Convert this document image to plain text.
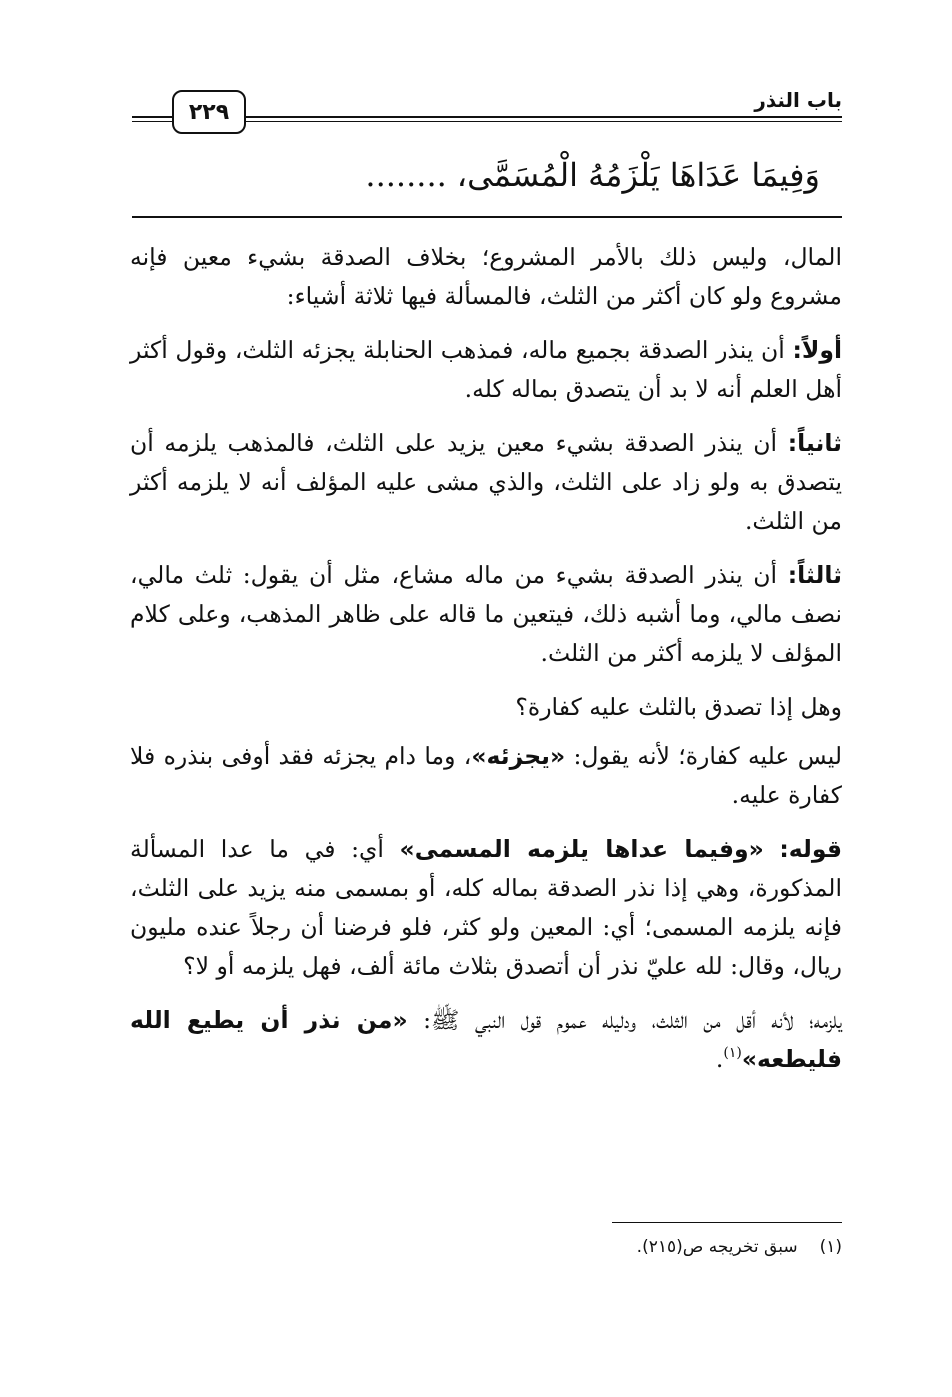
باب النذر
٢٢٩
وَفِيمَا عَدَاهَا يَلْزَمُهُ الْمُسَمَّى،........

المال، وليس ذلك بالأمر المشروع؛ بخلاف الصدقة بشيء معين فإنه مشروع ولو كان أكثر من الثلث، فالمسألة فيها ثلاثة أشياء:

أولاً: أن ينذر الصدقة بجميع ماله، فمذهب الحنابلة يجزئه الثلث، وقول أكثر أهل العلم أنه لا بد أن يتصدق بماله كله.

ثانياً: أن ينذر الصدقة بشيء معين يزيد على الثلث، فالمذهب يلزمه أن يتصدق به ولو زاد على الثلث، والذي مشى عليه المؤلف أنه لا يلزمه أكثر من الثلث.

ثالثاً: أن ينذر الصدقة بشيء من ماله مشاع، مثل أن يقول: ثلث مالي، نصف مالي، وما أشبه ذلك، فيتعين ما قاله على ظاهر المذهب، وعلى كلام المؤلف لا يلزمه أكثر من الثلث.

وهل إذا تصدق بالثلث عليه كفارة؟

ليس عليه كفارة؛ لأنه يقول: «يجزئه»، وما دام يجزئه فقد أوفى بنذره فلا كفارة عليه.

قوله: «وفيما عداها يلزمه المسمى» أي: في ما عدا المسألة المذكورة، وهي إذا نذر الصدقة بماله كله، أو بمسمى منه يزيد على الثلث، فإنه يلزمه المسمى؛ أي: المعين ولو كثر، فلو فرضنا أن رجلاً عنده مليون ريال، وقال: لله عليّ نذر أن أتصدق بثلاث مائة ألف، فهل يلزمه أو لا؟

يلزمه؛ لأنه أقل من الثلث، ودليله عموم قول النبي ﷺ: «من نذر أن يطيع الله فليطعه»$^{(١)}$.

(١)سبق تخريجه ص(٢١٥).
